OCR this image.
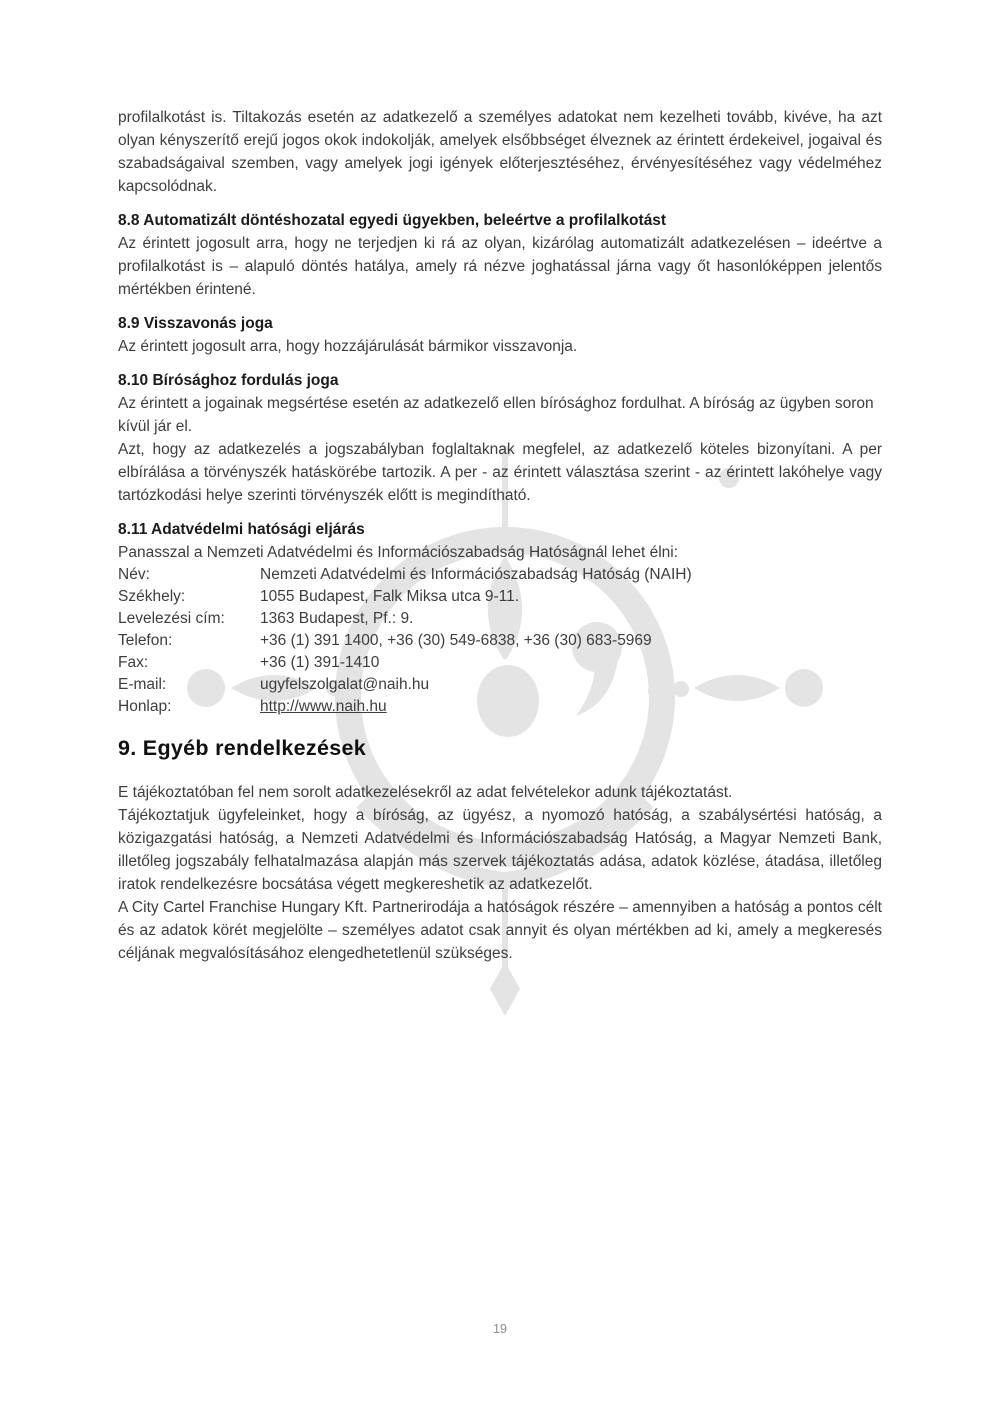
profilalkotást is. Tiltakozás esetén az adatkezelő a személyes adatokat nem kezelheti tovább, kivéve, ha azt olyan kényszerítő erejű jogos okok indokolják, amelyek elsőbbséget élveznek az érintett érdekeivel, jogaival és szabadságaival szemben, vagy amelyek jogi igények előterjesztéséhez, érvényesítéséhez vagy védelméhez kapcsolódnak.

8.8 Automatizált döntéshozatal egyedi ügyekben, beleértve a profilalkotást

Az érintett jogosult arra, hogy ne terjedjen ki rá az olyan, kizárólag automatizált adatkezelésen – ideértve a profilalkotást is – alapuló döntés hatálya, amely rá nézve joghatással járna vagy őt hasonlóképpen jelentős mértékben érintené.

8.9 Visszavonás joga

Az érintett jogosult arra, hogy hozzájárulását bármikor visszavonja.

8.10 Bírósághoz fordulás joga

Az érintett a jogainak megsértése esetén az adatkezelő ellen bírósághoz fordulhat. A bíróság az ügyben soron kívül jár el.

Azt, hogy az adatkezelés a jogszabályban foglaltaknak megfelel, az adatkezelő köteles bizonyítani. A per elbírálása a törvényszék hatáskörébe tartozik. A per - az érintett választása szerint - az érintett lakóhelye vagy tartózkodási helye szerinti törvényszék előtt is megindítható.

8.11 Adatvédelmi hatósági eljárás

Panasszal a Nemzeti Adatvédelmi és Információszabadság Hatóságnál lehet élni:

Név:	Nemzeti Adatvédelmi és Információszabadság Hatóság (NAIH)
Székhely:	1055 Budapest, Falk Miksa utca 9-11.
Levelezési cím:	1363 Budapest, Pf.: 9.
Telefon:	+36 (1) 391 1400, +36 (30) 549-6838, +36 (30) 683-5969
Fax:	+36 (1) 391-1410
E-mail:	ugyfelszolgalat@naih.hu
Honlap:	http://www.naih.hu
9. Egyéb rendelkezések

E tájékoztatóban fel nem sorolt adatkezelésekről az adat felvételekor adunk tájékoztatást.

Tájékoztatjuk ügyfeleinket, hogy a bíróság, az ügyész, a nyomozó hatóság, a szabálysértési hatóság, a közigazgatási hatóság, a Nemzeti Adatvédelmi és Információszabadság Hatóság, a Magyar Nemzeti Bank, illetőleg jogszabály felhatalmazása alapján más szervek tájékoztatás adása, adatok közlése, átadása, illetőleg iratok rendelkezésre bocsátása végett megkereshetik az adatkezelőt.

A City Cartel Franchise Hungary Kft. Partnerirodája a hatóságok részére – amennyiben a hatóság a pontos célt és az adatok körét megjelölte – személyes adatot csak annyit és olyan mértékben ad ki, amely a megkeresés céljának megvalósításához elengedhetetlenül szükséges.

19
